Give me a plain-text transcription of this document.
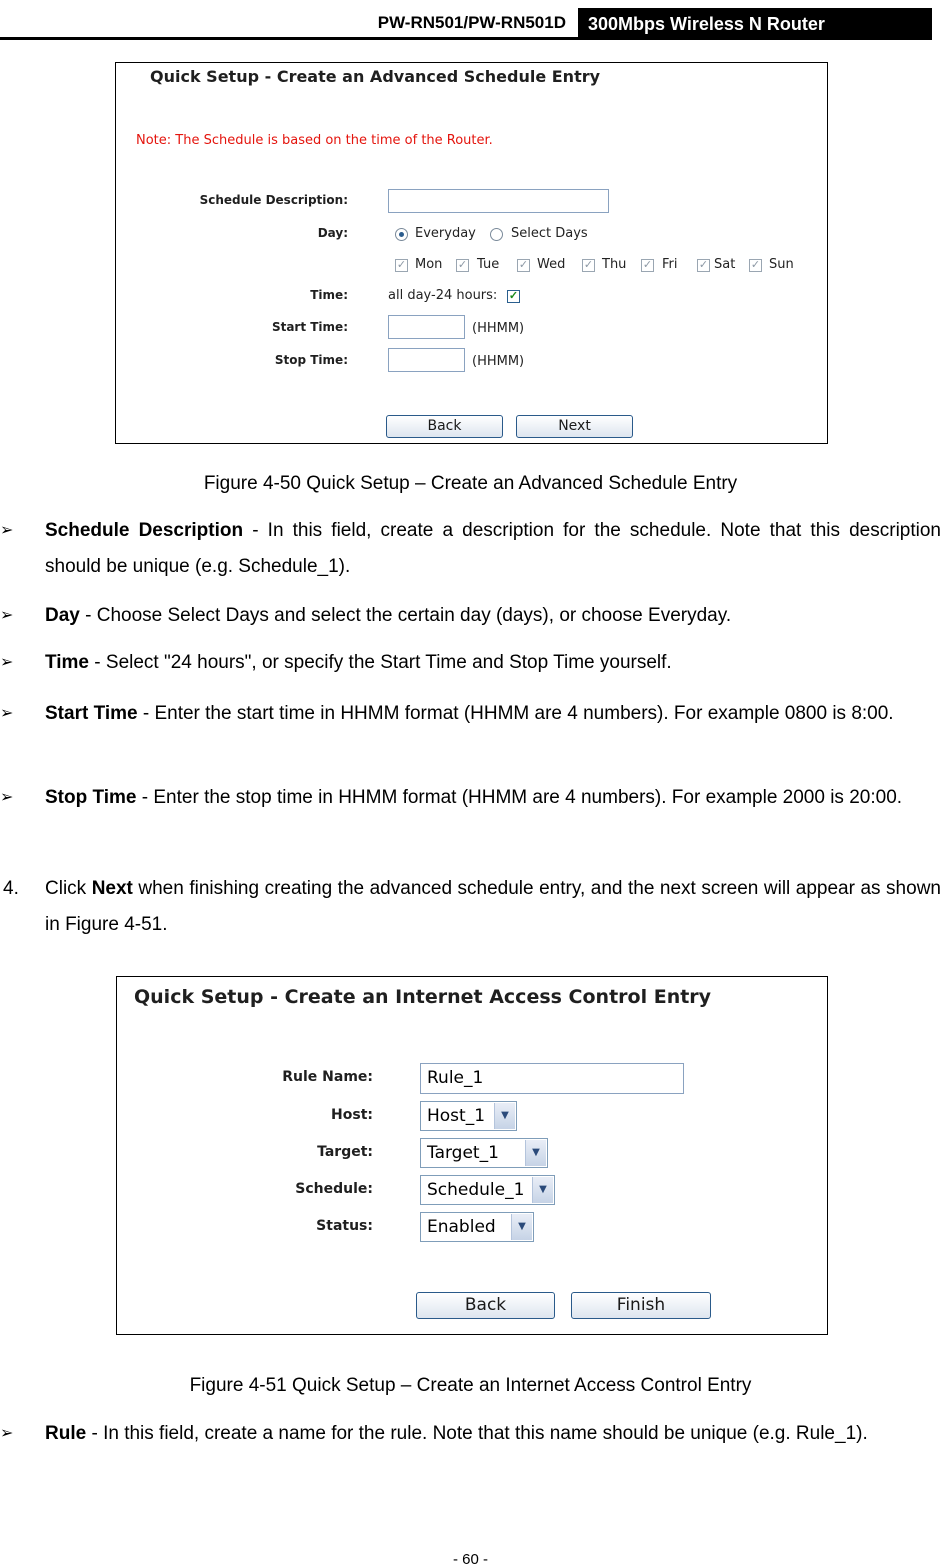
PW-RN501/PW-RN501D	300Mbps Wireless N Router
Quick Setup - Create an Advanced Schedule Entry
Note: The Schedule is based on the time of the Router.
Schedule Description:
Day:	Everyday	Select Days
✓ Mon ✓ Tue ✓ Wed ✓ Thu ✓ Fri ✓ Sat ✓ Sun
Time:	all day-24 hours: ✓
Start Time:	(HHMM)
Stop Time:	(HHMM)
Back	Next
Figure 4-50 Quick Setup – Create an Advanced Schedule Entry
➢ Schedule Description - In this field, create a description for the schedule. Note that this description should be unique (e.g. Schedule_1).
➢ Day - Choose Select Days and select the certain day (days), or choose Everyday.
➢ Time - Select "24 hours", or specify the Start Time and Stop Time yourself.
➢ Start Time - Enter the start time in HHMM format (HHMM are 4 numbers). For example 0800 is 8:00.
➢ Stop Time - Enter the stop time in HHMM format (HHMM are 4 numbers). For example 2000 is 20:00.
4. Click Next when finishing creating the advanced schedule entry, and the next screen will appear as shown in Figure 4-51.
Quick Setup - Create an Internet Access Control Entry
Rule Name:	Rule_1
Host:	Host_1	▼
Target:	Target_1	▼
Schedule:	Schedule_1	▼
Status:	Enabled	▼
Back	Finish
Figure 4-51 Quick Setup – Create an Internet Access Control Entry
➢ Rule - In this field, create a name for the rule. Note that this name should be unique (e.g. Rule_1).
- 60 -
